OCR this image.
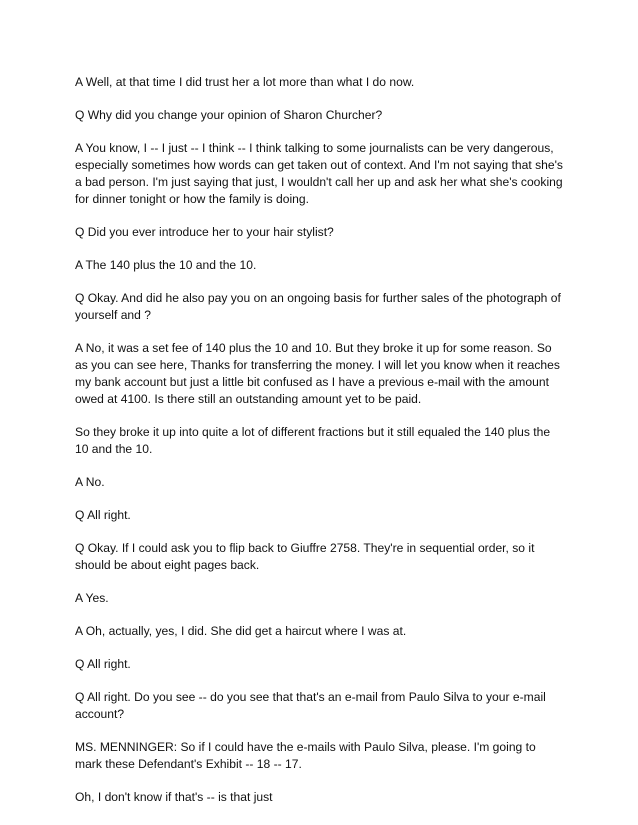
A Well, at that time I did trust her a lot more than what I do now.

Q Why did you change your opinion of Sharon Churcher?

A You know, I -- I just -- I think -- I think talking to some journalists can be very dangerous, especially sometimes how words can get taken out of context. And I'm not saying that she's a bad person. I'm just saying that just, I wouldn't call her up and ask her what she's cooking for dinner tonight or how the family is doing.

Q Did you ever introduce her to your hair stylist?

A The 140 plus the 10 and the 10.

Q Okay. And did he also pay you on an ongoing basis for further sales of the photograph of yourself and ?

A No, it was a set fee of 140 plus the 10 and 10. But they broke it up for some reason. So as you can see here, Thanks for transferring the money. I will let you know when it reaches my bank account but just a little bit confused as I have a previous e-mail with the amount owed at 4100. Is there still an outstanding amount yet to be paid.

So they broke it up into quite a lot of different fractions but it still equaled the 140 plus the 10 and the 10.

A No.

Q All right.

Q Okay. If I could ask you to flip back to Giuffre 2758. They're in sequential order, so it should be about eight pages back.

A Yes.

A Oh, actually, yes, I did. She did get a haircut where I was at.

Q All right.

Q All right. Do you see -- do you see that that's an e-mail from Paulo Silva to your e-mail account?

MS. MENNINGER: So if I could have the e-mails with Paulo Silva, please. I'm going to mark these Defendant's Exhibit -- 18 -- 17.

Oh, I don't know if that's -- is that just
